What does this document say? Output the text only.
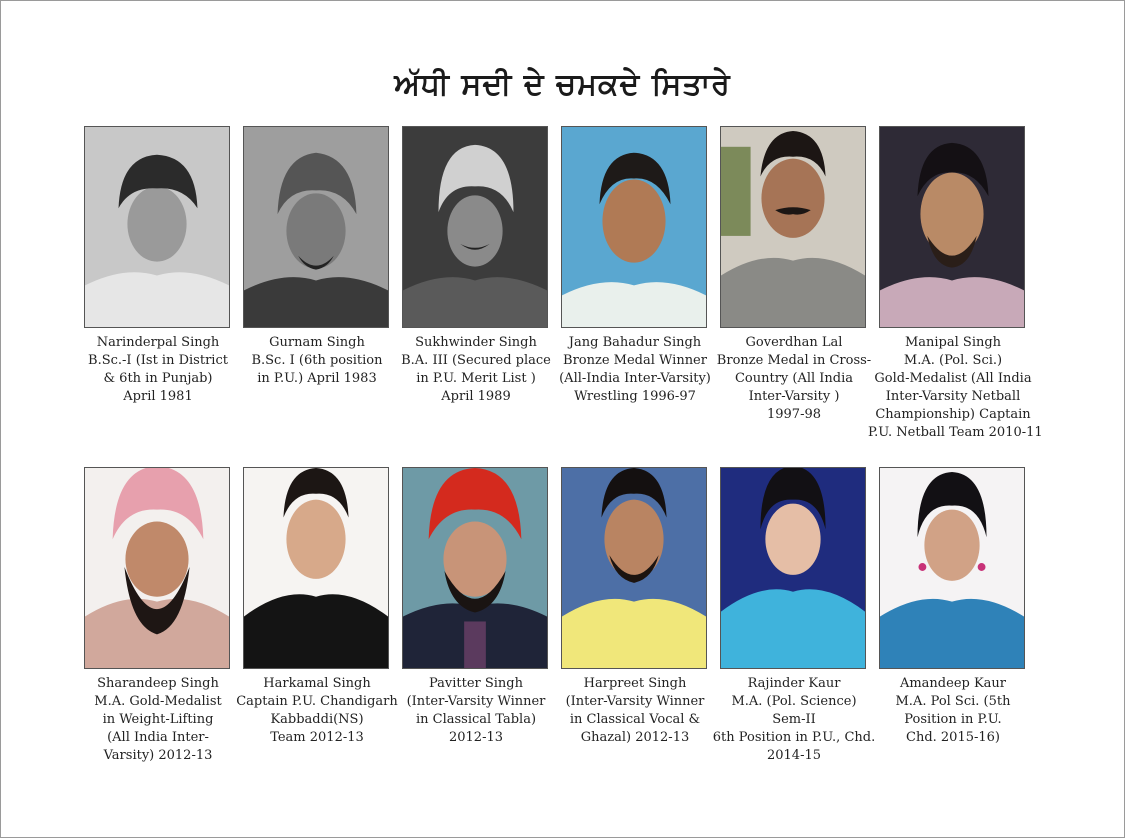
ਅੱਧੀ ਸਦੀ ਦੇ ਚਮਕਦੇ ਸਿਤਾਰੇ
Narinderpal Singh
B.Sc.-I (Ist in District
& 6th in Punjab)
April 1981
Gurnam Singh
B.Sc. I (6th position
in P.U.) April 1983
Sukhwinder Singh
B.A. III (Secured place
in P.U. Merit List )
April 1989
Jang Bahadur Singh
Bronze Medal Winner
(All-India Inter-Varsity)
Wrestling 1996-97
Goverdhan Lal
Bronze Medal in Cross-
Country (All India
Inter-Varsity )
1997-98
Manipal Singh
M.A. (Pol. Sci.)
Gold-Medalist (All India
Inter-Varsity Netball
Championship) Captain
P.U. Netball Team 2010-11
Sharandeep Singh
M.A. Gold-Medalist
in Weight-Lifting
(All India Inter-
Varsity) 2012-13
Harkamal Singh
Captain P.U. Chandigarh
Kabbaddi(NS)
Team 2012-13
Pavitter Singh
(Inter-Varsity Winner
in Classical Tabla)
2012-13
Harpreet Singh
(Inter-Varsity Winner
in Classical Vocal &
Ghazal) 2012-13
Rajinder Kaur
M.A. (Pol. Science)
Sem-II
6th Position in P.U., Chd.
2014-15
Amandeep Kaur
M.A. Pol Sci. (5th
Position in P.U.
Chd. 2015-16)
